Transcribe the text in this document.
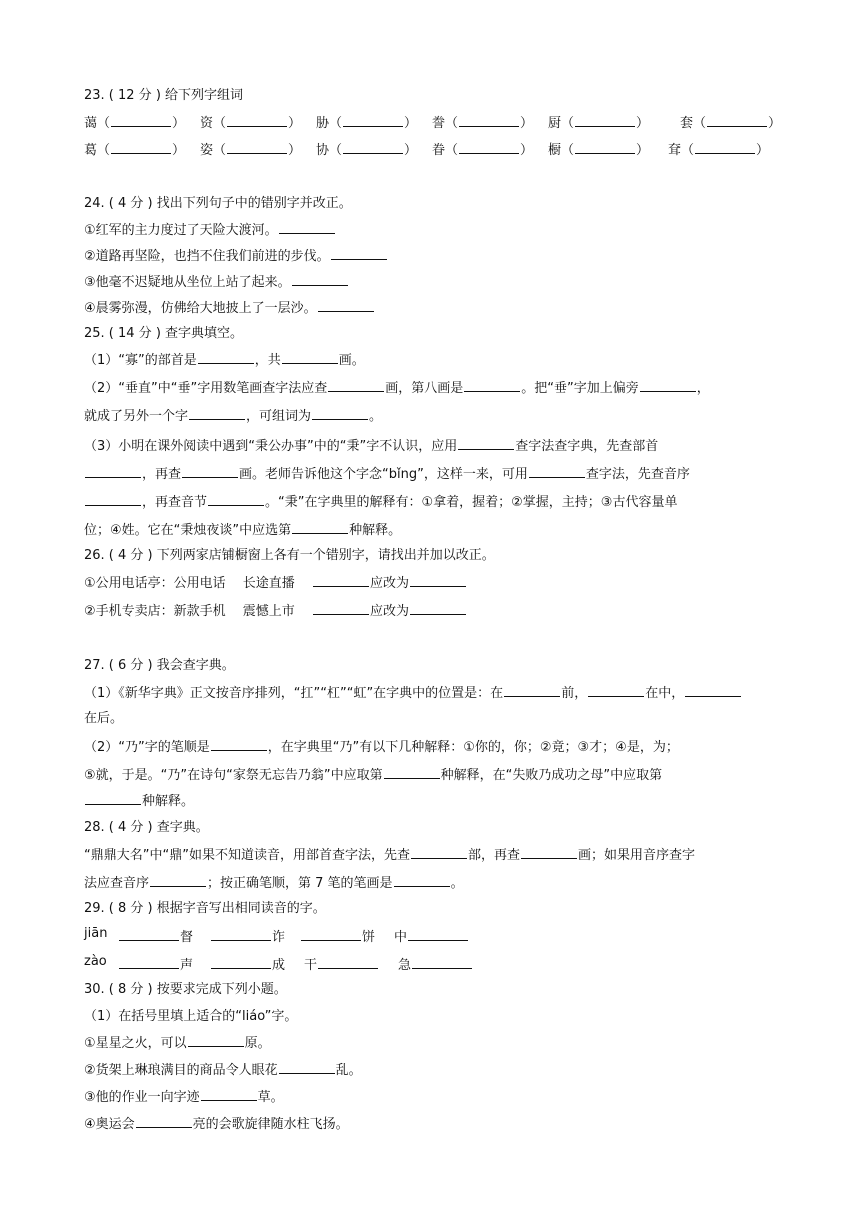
23. ( 12 分 ) 给下列字组词
蔼（	） 资（	） 胁（	） 誊（	） 厨（	） 套（	）
葛（	） 姿（	） 协（	） 眷（	） 橱（	） 耷（	）
24. ( 4 分 ) 找出下列句子中的错别字并改正。
①红军的主力度过了天险大渡河。
②道路再坚险，也挡不住我们前进的步伐。
③他毫不迟疑地从坐位上站了起来。
④晨雾弥漫，仿佛给大地披上了一层沙。
25. ( 14 分 ) 查字典填空。
（1）“寡”的部首是	，共	画。
（2）“垂直”中“垂”字用数笔画查字法应查	画，第八画是	。把“垂”字加上偏旁	，
就成了另外一个字	，可组词为	。
（3）小明在课外阅读中遇到“秉公办事”中的“秉”字不认识，应用	查字法查字典，先查部首
，再查	画。老师告诉他这个字念“bǐng”，这样一来，可用	查字法，先查音序
，再查音节	。“秉”在字典里的解释有：①拿着，握着；②掌握，主持；③古代容量单
位；④姓。它在“秉烛夜谈”中应选第	种解释。
26. ( 4 分 ) 下列两家店铺橱窗上各有一个错别字，请找出并加以改正。
①公用电话亭：公用电话　 长途直播　	应改为
②手机专卖店：新款手机　 震憾上市　	应改为
27. ( 6 分 ) 我会查字典。
（1）《新华字典》正文按音序排列，“扛”“杠”“虹”在字典中的位置是：在	前，	在中，
在后。
（2）“乃”字的笔顺是	，在字典里“乃”有以下几种解释：①你的，你；②竟；③才；④是，为；
⑤就，于是。“乃”在诗句“家祭无忘告乃翁”中应取第	种解释，在“失败乃成功之母”中应取第
种解释。
28. ( 4 分 ) 查字典。
“鼎鼎大名”中“鼎”如果不知道读音，用部首查字法，先查	部，再查	画；如果用音序查字
法应查音序	；按正确笔顺，第 7 笔的笔画是	。
29. ( 8 分 ) 根据字音写出相同读音的字。
jiān	督	诈	饼 中
zào	声	成 干	急
30. ( 8 分 ) 按要求完成下列小题。
（1）在括号里填上适合的“liáo”字。
①星星之火，可以	原。
②货架上琳琅满目的商品令人眼花	乱。
③他的作业一向字迹	草。
④奥运会	亮的会歌旋律随水柱飞扬。
